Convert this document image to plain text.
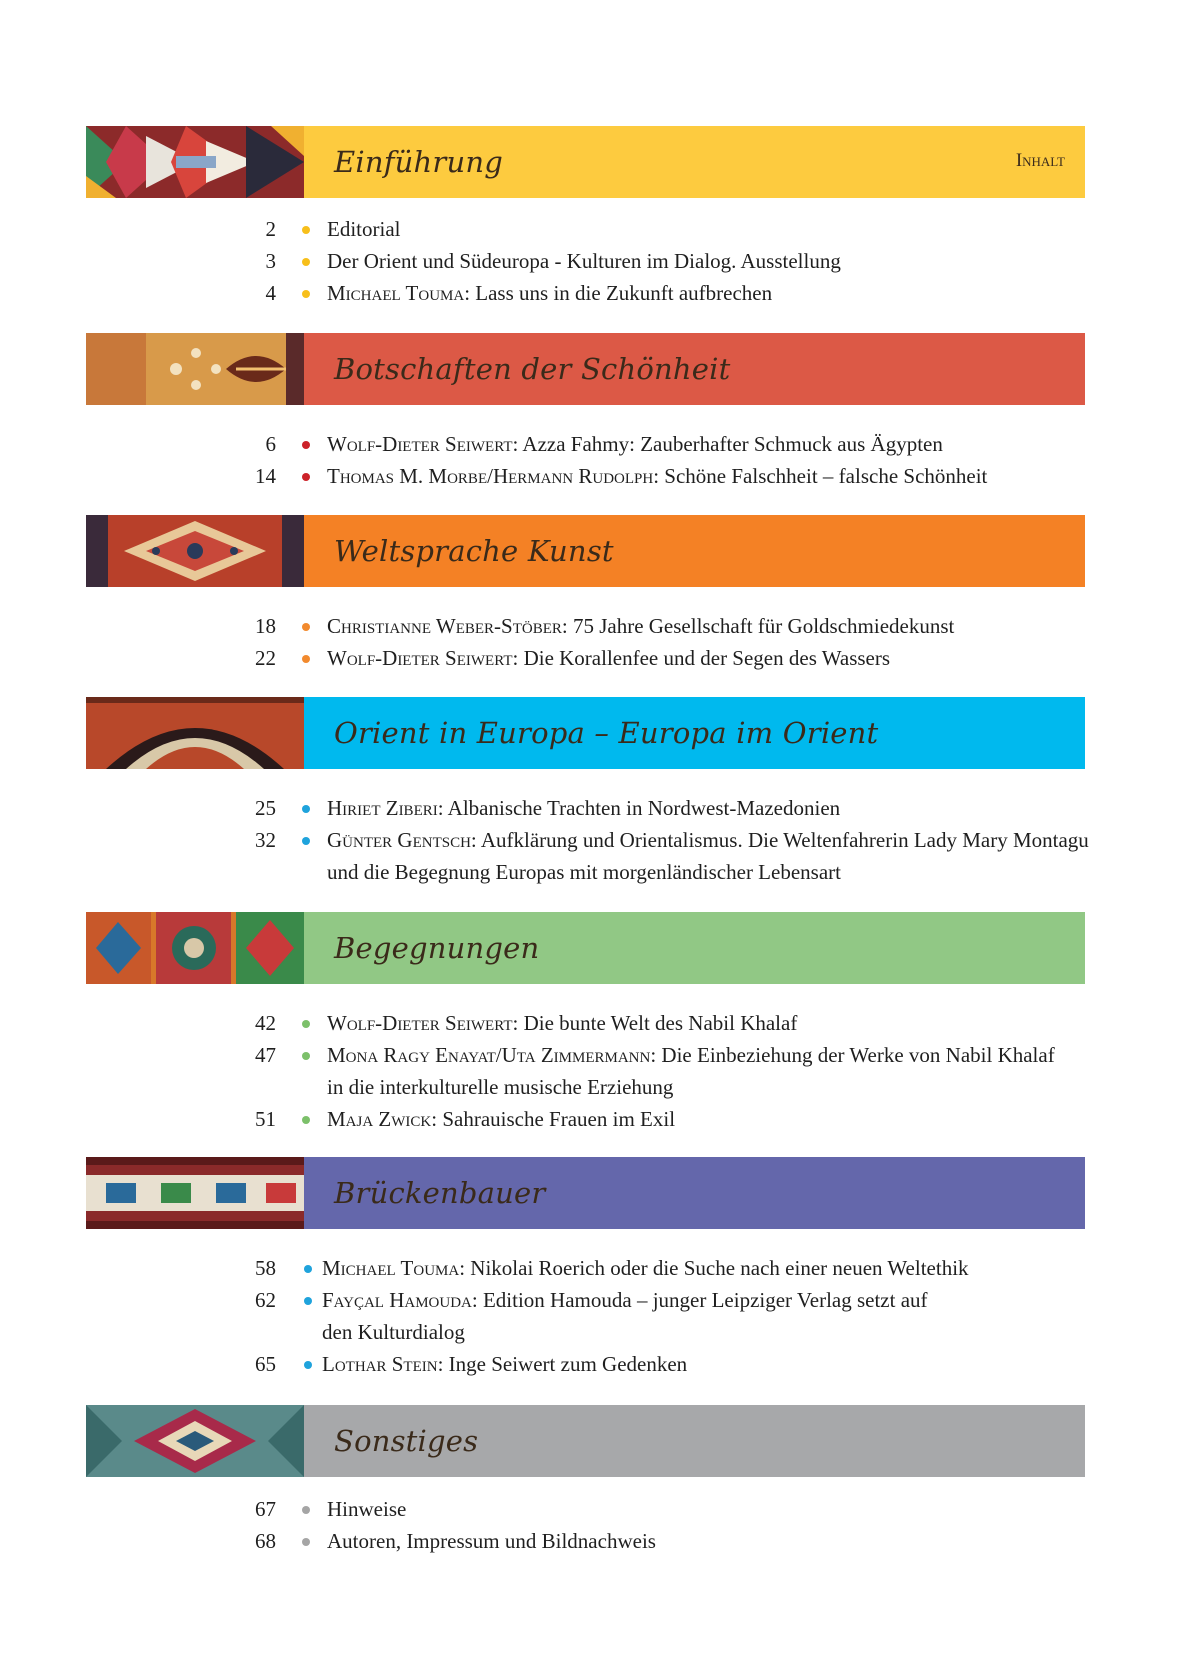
Einführung	Inhalt
2 Editorial
3 Der Orient und Südeuropa - Kulturen im Dialog. Ausstellung
4 Michael Touma: Lass uns in die Zukunft aufbrechen
Botschaften der Schönheit
6 Wolf-Dieter Seiwert: Azza Fahmy: Zauberhafter Schmuck aus Ägypten
14 Thomas M. Morbe/Hermann Rudolph: Schöne Falschheit – falsche Schönheit
Weltsprache Kunst
18 Christianne Weber-Stöber: 75 Jahre Gesellschaft für Goldschmiedekunst
22 Wolf-Dieter Seiwert: Die Korallenfee und der Segen des Wassers
Orient in Europa – Europa im Orient
25 Hiriet Ziberi: Albanische Trachten in Nordwest-Mazedonien
32 Günter Gentsch: Aufklärung und Orientalismus. Die Weltenfahrerin Lady Mary Montagu
und die Begegnung Europas mit morgenländischer Lebensart
Begegnungen
42 Wolf-Dieter Seiwert: Die bunte Welt des Nabil Khalaf
47 Mona Ragy Enayat/Uta Zimmermann: Die Einbeziehung der Werke von Nabil Khalaf
in die interkulturelle musische Erziehung
51 Maja Zwick: Sahrauische Frauen im Exil
Brückenbauer
58 Michael Touma: Nikolai Roerich oder die Suche nach einer neuen Weltethik
62 Fayçal Hamouda: Edition Hamouda – junger Leipziger Verlag setzt auf
den Kulturdialog
65 Lothar Stein: Inge Seiwert zum Gedenken
Sonstiges
67 Hinweise
68 Autoren, Impressum und Bildnachweis
